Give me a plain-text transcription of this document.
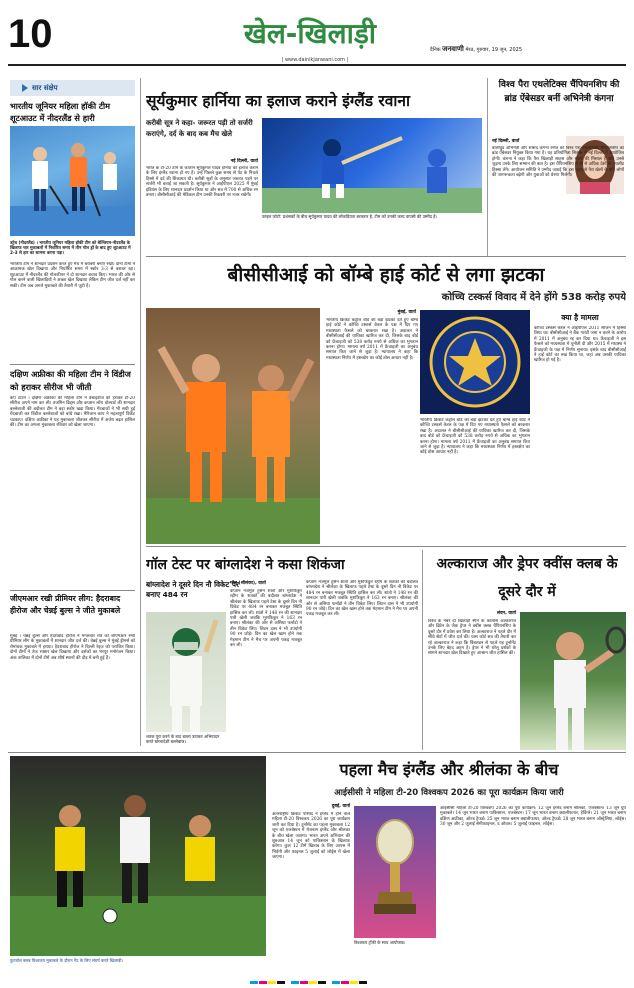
10	खेल-खिलाड़ी
| www.dainikjanwani.com |
दैनिक जनवाणी मेरठ, गुरुवार, 19 जून, 2025
सार संक्षेप
भारतीय जूनियर महिला हॉकी टीम शूटआउट में नीदरलैंड से हारी
उट्रेच (नीदरलैंड) । भारतीय जूनियर महिला हॉकी टीम को बेल्जियम-नीदरलैंड के खिलाफ चार मुकाबलों में निर्धारित समय में तीन गोल ड्रॉ के बाद हुए शूटआउट में 2-3 से हार का सामना करना पड़ा।
भारतीय टीम ने शानदार प्रदर्शन करते हुए मैच में बराबरी बनाए रखी। दोनों टीमों ने आक्रामक खेल दिखाया और निर्धारित समय में स्कोर 3-3 से बराबर रहा। शूटआउट में नीदरलैंड की गोलकीपर ने दो शानदार बचाव किए। भारत की ओर से गोल करने वाली खिलाड़ियों ने अच्छा खेल दिखाया लेकिन टीम जीत दर्ज नहीं कर सकी। टीम अब अगले मुकाबले की तैयारी में जुटी है।
दक्षिण अफ्रीका की महिला टीम ने विंडीज को हराकर सीरीज भी जीती
केप टाउन । दक्षिण अफ्रीका की महिला टीम ने वेस्टइंडीज को हराकर टी-20 सीरीज अपने नाम कर ली। तजमिन ब्रिट्स और कप्तान लॉरा वोल्वार्ट की शानदार बल्लेबाजी की बदौलत टीम ने बड़ा स्कोर खड़ा किया। गेंदबाजों ने भी सधी हुई गेंदबाजी कर विंडीज बल्लेबाजों को बांधे रखा। मैरिजान काप ने महत्वपूर्ण विकेट चटकाए। दक्षिण अफ्रीका ने यह मुकाबला जीतकर सीरीज में अजेय बढ़त हासिल की। टीम का अगला मुकाबला रविवार को खेला जाएगा।
जीएमआर रखी प्रीमियर लीग: हैदराबाद हीरोज और चेन्नई बुल्स ने जीते मुकाबले
मुंबई । चेन्नई बुल्स और हैदराबाद हीरोज ने मंगलवार रात को जीएमआर रग्बी प्रीमियर लीग के मुकाबलों में शानदार जीत दर्ज की। चेन्नई बुल्स ने मुंबई ड्रीमर्स को रोमांचक मुकाबले में हराया। हैदराबाद हीरोज ने दिल्ली रेड्ज को पराजित किया। दोनों टीमों ने तेज रफ्तार खेल दिखाया और दर्शकों का भरपूर मनोरंजन किया। अंक तालिका में दोनों टीमें अब शीर्ष स्थानों की दौड़ में बनी हुई हैं।
सूर्यकुमार हार्निया का इलाज कराने इंग्लैंड रवाना
करीबी सूत्र ने कहा- जरूरत पड़ी तो सर्जरी कराएंगे, दर्द के बाद कब मैच खेले
नई दिल्ली, वार्ता
भारत के टी-20 टीम के कप्तान सूर्यकुमार यादव हर्निया का इलाज कराने के लिए इंग्लैंड रवाना हो गए हैं। उन्हें पिछले कुछ समय से पेट के निचले हिस्से में दर्द की शिकायत थी। करीबी सूत्रों के अनुसार जरूरत पड़ने पर सर्जरी भी कराई जा सकती है। सूर्यकुमार ने आईपीएल 2025 में मुंबई इंडियंस के लिए शानदार प्रदर्शन किया था और सत्र में 700 से अधिक रन बनाए। बीसीसीआई की मेडिकल टीम उनकी रिकवरी पर नजर रखेगी।
फाइल फोटो: प्रशंसकों के बीच सूर्यकुमार यादव की लोकप्रियता बरकरार है, टीम को उनकी जल्द वापसी की उम्मीद है।
विश्व पैरा एथलेटिक्स चैंपियनशिप की ब्रांड ऐंबेसडर बनीं अभिनेत्री कंगना
नई दिल्ली, वार्ता
बॉलीवुड अभिनेत्री और सांसद कंगना रनौत को विश्व पैरा एथलेटिक्स चैंपियनशिप का ब्रांड ऐंबेसडर नियुक्त किया गया है। यह प्रतियोगिता सितंबर में नई दिल्ली में आयोजित होगी। कंगना ने कहा कि पैरा खिलाड़ी साहस और संघर्ष की मिसाल हैं और उनसे जुड़ना उनके लिए सम्मान की बात है। इस चैंपियनशिप में सौ से अधिक देशों के एथलीट हिस्सा लेंगे। आयोजन समिति ने उम्मीद जताई कि इस पहल से पैरा खेलों के प्रति लोगों की जागरूकता बढ़ेगी और युवाओं को प्रेरणा मिलेगी।
बीसीसीआई को बॉम्बे हाई कोर्ट से लगा झटका
कोच्चि टस्कर्स विवाद में देने होंगे 538 करोड़ रुपये
मुंबई, वार्ता
भारतीय क्रिकेट कंट्रोल बोर्ड को बड़ा झटका देते हुए बॉम्बे हाई कोर्ट ने कोच्चि टस्कर्स केरल के पक्ष में दिए गए मध्यस्थता फैसले को बरकरार रखा है। अदालत ने बीसीसीआई की याचिका खारिज कर दी, जिसके बाद बोर्ड को फ्रेंचाइजी को 538 करोड़ रुपये से अधिक का भुगतान करना होगा। मामला वर्ष 2011 में फ्रेंचाइजी का अनुबंध समाप्त किए जाने से जुड़ा है। न्यायालय ने कहा कि मध्यस्थता निर्णय में हस्तक्षेप का कोई ठोस आधार नहीं है।
क्या है मामला
कोच्चि टस्कर्स केरल ने आईपीएल 2011 सीजन में हिस्सा लिया था। बीसीसीआई ने बैंक गारंटी जमा न करने के आरोप में 2011 में अनुबंध रद्द कर दिया था। फ्रेंचाइजी ने इस फैसले को मध्यस्थता में चुनौती दी और 2015 में मध्यस्थ ने फ्रेंचाइजी के पक्ष में निर्णय सुनाया। इसके बाद बीसीसीआई ने हाई कोर्ट का रुख किया था, जहां अब उसकी याचिका खारिज हो गई है।
भारतीय क्रिकेट कंट्रोल बोर्ड को बड़ा झटका देते हुए बॉम्बे हाई कोर्ट ने कोच्चि टस्कर्स केरल के पक्ष में दिए गए मध्यस्थता फैसले को बरकरार रखा है। अदालत ने बीसीसीआई की याचिका खारिज कर दी, जिसके बाद बोर्ड को फ्रेंचाइजी को 538 करोड़ रुपये से अधिक का भुगतान करना होगा। मामला वर्ष 2011 में फ्रेंचाइजी का अनुबंध समाप्त किए जाने से जुड़ा है। न्यायालय ने कहा कि मध्यस्थता निर्णय में हस्तक्षेप का कोई ठोस आधार नहीं है।
गॉल टेस्ट पर बांग्लादेश ने कसा शिकंजा
बांग्लादेश ने दूसरे दिन नौ विकेट पर बनाए 484 रन
शतक पूरा करने के बाद बल्ला उठाकर अभिवादन करते बांग्लादेशी बल्लेबाज।
गॉल (श्रीलंका), वार्ता
कप्तान नजमुल हुसैन शांतो और मुशफिकुर रहीम के शतकों की बदौलत बांग्लादेश ने श्रीलंका के खिलाफ पहले टेस्ट के दूसरे दिन नौ विकेट पर 484 रन बनाकर मजबूत स्थिति हासिल कर ली। शांतो ने 148 रन की शानदार पारी खेली जबकि मुशफिकुर ने 163 रन बनाए। श्रीलंका की ओर से असिथा फर्नांडो ने तीन विकेट लिए। लिटन दास ने भी उपयोगी 90 रन जोड़े। दिन का खेल खत्म होने तक मेहमान टीम ने मैच पर अपनी पकड़ मजबूत कर ली।
कप्तान नजमुल हुसैन शांतो और मुशफिकुर रहीम के शतकों की बदौलत बांग्लादेश ने श्रीलंका के खिलाफ पहले टेस्ट के दूसरे दिन नौ विकेट पर 484 रन बनाकर मजबूत स्थिति हासिल कर ली। शांतो ने 148 रन की शानदार पारी खेली जबकि मुशफिकुर ने 163 रन बनाए। श्रीलंका की ओर से असिथा फर्नांडो ने तीन विकेट लिए। लिटन दास ने भी उपयोगी 90 रन जोड़े। दिन का खेल खत्म होने तक मेहमान टीम ने मैच पर अपनी पकड़ मजबूत कर ली।
अल्काराज और ड्रेपर क्वींस क्लब के दूसरे दौर में
लंदन, वार्ता
विश्व के नंबर दो खिलाड़ी स्पेन के कार्लोस अल्काराज और ब्रिटेन के जैक ड्रेपर ने क्वींस क्लब चैंपियनशिप के दूसरे दौर में प्रवेश कर लिया है। अल्काराज ने पहले दौर में सीधे सेटों में जीत दर्ज की। ग्रास कोर्ट सत्र की तैयारी कर रहे अल्काराज ने कहा कि विंबलडन से पहले यह टूर्नामेंट उनके लिए बेहद अहम है। ड्रेपर ने भी घरेलू दर्शकों के सामने शानदार खेल दिखाते हुए आसान जीत हासिल की।
फुटबॉल क्लब विश्वकप मुकाबले के दौरान गेंद के लिए संघर्ष करते खिलाड़ी।
पहला मैच इंग्लैंड और श्रीलंका के बीच
आईसीसी ने महिला टी-20 विश्वकप 2026 का पूरा कार्यक्रम किया जारी
दुबई, वार्ता
अंतरराष्ट्रीय क्रिकेट परिषद ने इंग्लैंड में होने वाले महिला टी-20 विश्वकप 2026 का पूरा कार्यक्रम जारी कर दिया है। टूर्नामेंट का पहला मुकाबला 12 जून को एजबेस्टन में मेजबान इंग्लैंड और श्रीलंका के बीच खेला जाएगा। भारत अपने अभियान की शुरुआत 14 जून को पाकिस्तान के खिलाफ करेगा। कुल 12 टीमें खिताब के लिए आपस में भिड़ेंगी और फाइनल 5 जुलाई को लॉर्ड्स में खेला जाएगा।
विश्वकप ट्रॉफी के साथ आयोजक।
आईसीसी महिला टी-20 विश्वकप 2026 का पूरा कार्यक्रम: 12 जून इंग्लैंड बनाम श्रीलंका, एजबेस्टन। 13 जून ग्रुप मुकाबले। 14 जून भारत बनाम पाकिस्तान, एजबेस्टन। 17 जून भारत बनाम क्वालीफायर, हेडिंग्ले। 21 जून भारत बनाम दक्षिण अफ्रीका, ओल्ड ट्रैफर्ड। 25 जून भारत बनाम क्वालीफायर, ओल्ड ट्रैफर्ड। 28 जून भारत बनाम ऑस्ट्रेलिया, लॉर्ड्स। 30 जून और 2 जुलाई सेमीफाइनल, द ओवल। 5 जुलाई फाइनल, लॉर्ड्स।
